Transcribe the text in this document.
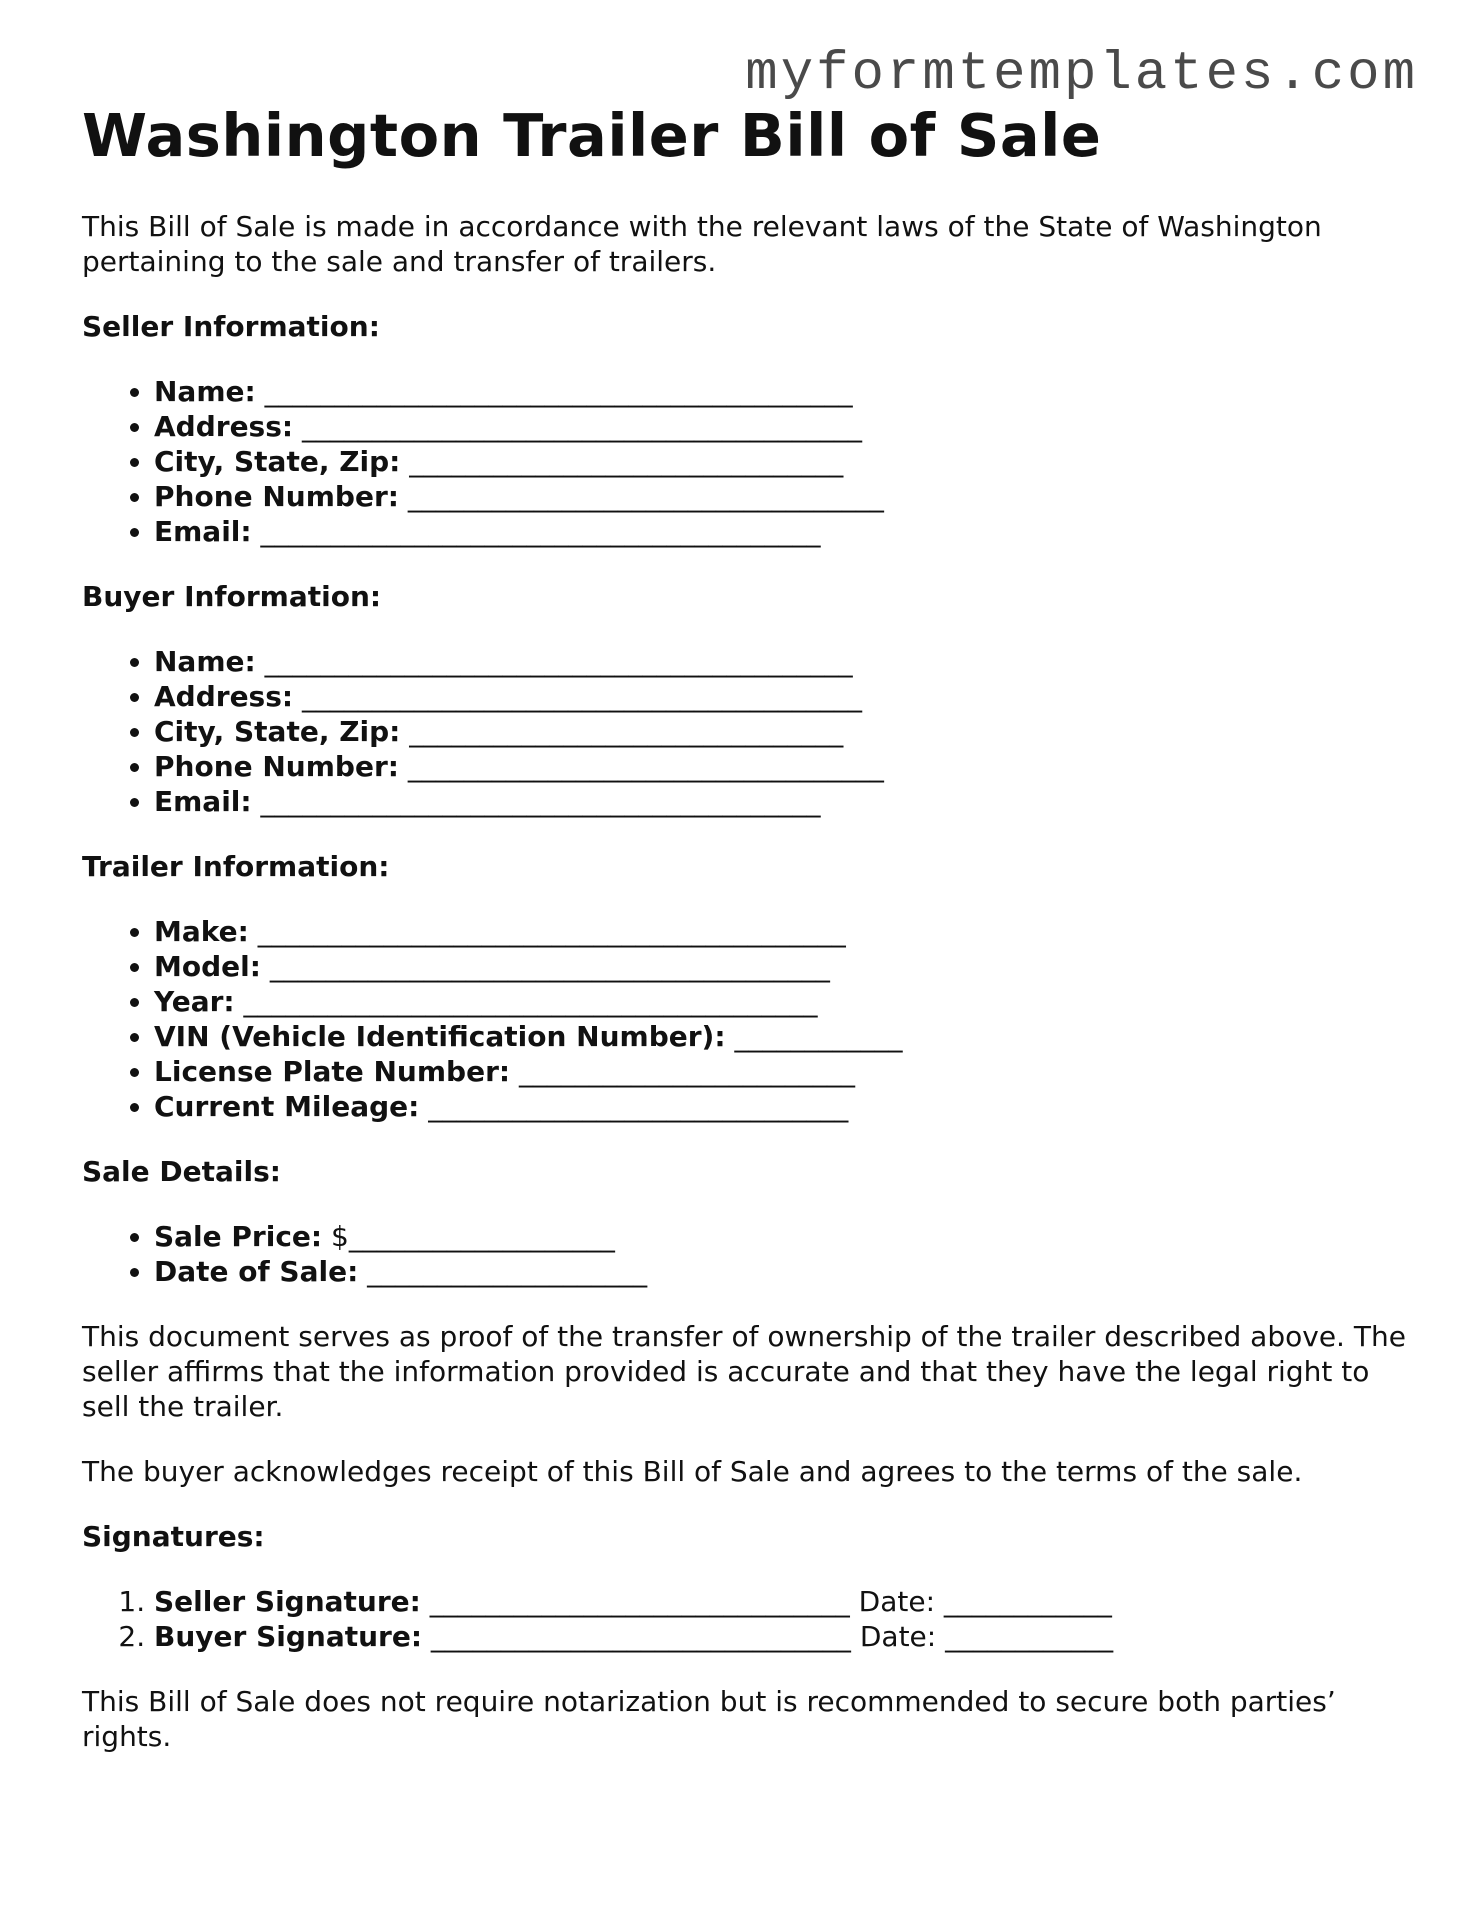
myformtemplates.com
Washington Trailer Bill of Sale

This Bill of Sale is made in accordance with the relevant laws of the State of Washington pertaining to the sale and transfer of trailers.

Seller Information:
• Name: __________________________________________
• Address: ________________________________________
• City, State, Zip: _______________________________
• Phone Number: __________________________________
• Email: ________________________________________
Buyer Information:
• Name: __________________________________________
• Address: ________________________________________
• City, State, Zip: _______________________________
• Phone Number: __________________________________
• Email: ________________________________________
Trailer Information:
• Make: __________________________________________
• Model: ________________________________________
• Year: _________________________________________
• VIN (Vehicle Identification Number): ____________
• License Plate Number: ________________________
• Current Mileage: ______________________________
Sale Details:
• Sale Price: $___________________
• Date of Sale: ____________________

This document serves as proof of the transfer of ownership of the trailer described above. The seller affirms that the information provided is accurate and that they have the legal right to sell the trailer.

The buyer acknowledges receipt of this Bill of Sale and agrees to the terms of the sale.

Signatures:
1. Seller Signature: ______________________________ Date: ____________
2. Buyer Signature: ______________________________ Date: ____________

This Bill of Sale does not require notarization but is recommended to secure both parties’ rights.
